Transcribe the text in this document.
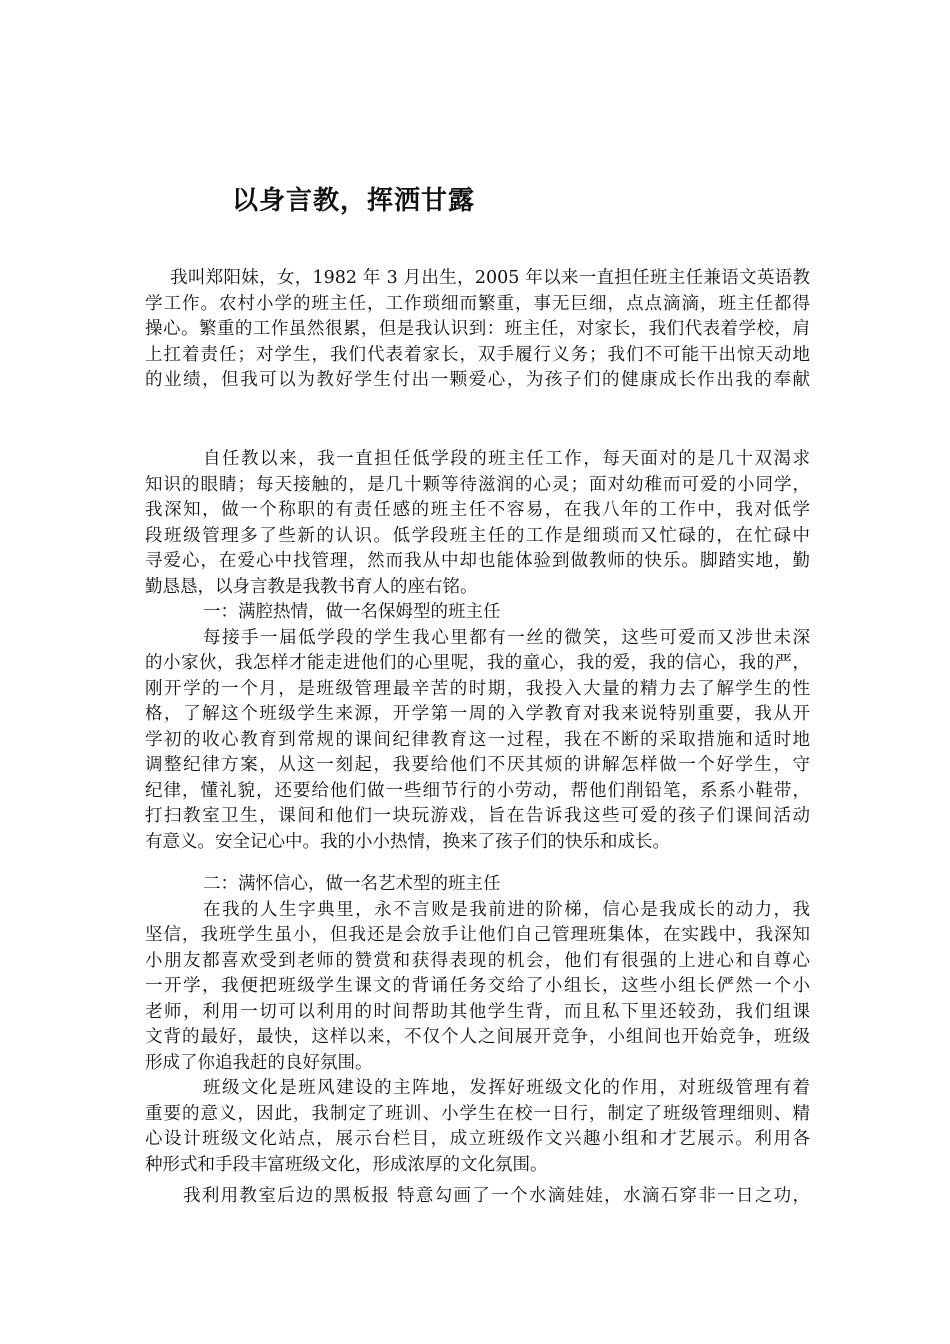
以身言教，挥洒甘露
我叫郑阳妹，女，1982 年 3 月出生，2005 年以来一直担任班主任兼语文英语教
学工作。农村小学的班主任，工作琐细而繁重，事无巨细，点点滴滴，班主任都得
操心。繁重的工作虽然很累，但是我认识到：班主任，对家长，我们代表着学校，肩
上扛着责任；对学生，我们代表着家长，双手履行义务；我们不可能干出惊天动地
的业绩，但我可以为教好学生付出一颗爱心，为孩子们的健康成长作出我的奉献
自任教以来，我一直担任低学段的班主任工作，每天面对的是几十双渴求
知识的眼睛；每天接触的，是几十颗等待滋润的心灵；面对幼稚而可爱的小同学，
我深知，做一个称职的有责任感的班主任不容易，在我八年的工作中，我对低学
段班级管理多了些新的认识。低学段班主任的工作是细琐而又忙碌的，在忙碌中
寻爱心，在爱心中找管理，然而我从中却也能体验到做教师的快乐。脚踏实地，勤
勤恳恳，以身言教是我教书育人的座右铭。
一：满腔热情，做一名保姆型的班主任
每接手一届低学段的学生我心里都有一丝的微笑，这些可爱而又涉世未深
的小家伙，我怎样才能走进他们的心里呢，我的童心，我的爱，我的信心，我的严，
刚开学的一个月，是班级管理最辛苦的时期，我投入大量的精力去了解学生的性
格，了解这个班级学生来源，开学第一周的入学教育对我来说特别重要，我从开
学初的收心教育到常规的课间纪律教育这一过程，我在不断的采取措施和适时地
调整纪律方案，从这一刻起，我要给他们不厌其烦的讲解怎样做一个好学生，守
纪律，懂礼貌，还要给他们做一些细节行的小劳动，帮他们削铅笔，系系小鞋带，
打扫教室卫生，课间和他们一块玩游戏，旨在告诉我这些可爱的孩子们课间活动
有意义。安全记心中。我的小小热情，换来了孩子们的快乐和成长。
二：满怀信心，做一名艺术型的班主任
在我的人生字典里，永不言败是我前进的阶梯，信心是我成长的动力，我
坚信，我班学生虽小，但我还是会放手让他们自己管理班集体，在实践中，我深知
小朋友都喜欢受到老师的赞赏和获得表现的机会，他们有很强的上进心和自尊心
一开学，我便把班级学生课文的背诵任务交给了小组长，这些小组长俨然一个小
老师，利用一切可以利用的时间帮助其他学生背，而且私下里还较劲，我们组课
文背的最好，最快，这样以来，不仅个人之间展开竞争，小组间也开始竞争，班级
形成了你追我赶的良好氛围。
班级文化是班风建设的主阵地，发挥好班级文化的作用，对班级管理有着
重要的意义，因此，我制定了班训、小学生在校一日行，制定了班级管理细则、精
心设计班级文化站点，展示台栏目，成立班级作文兴趣小组和才艺展示。利用各
种形式和手段丰富班级文化，形成浓厚的文化氛围。
我利用教室后边的黑板报 特意勾画了一个水滴娃娃，水滴石穿非一日之功，
